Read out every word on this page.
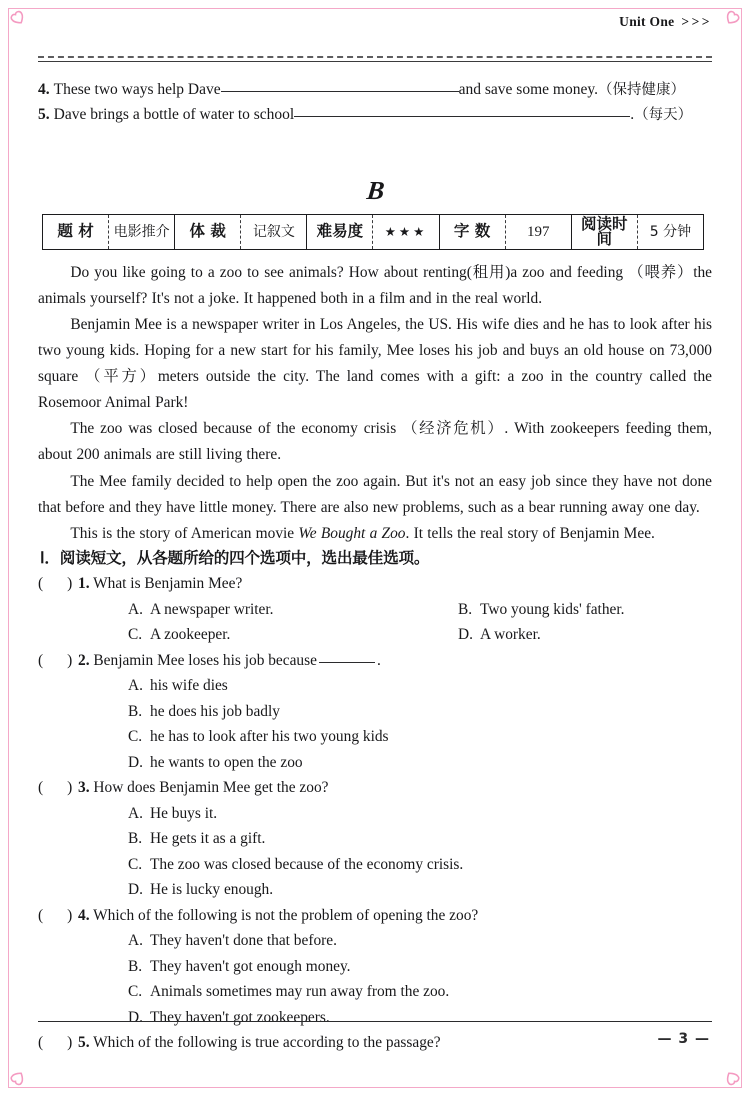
Unit One >>>
4. These two ways help Dave	and save some money.（保持健康）
5. Dave brings a bottle of water to school	.（每天）
B
题 材	电影推介	体 裁	记叙文	难易度	★★★	字 数	197	阅读时间	5 分钟

Do you like going to a zoo to see animals? How about renting(租用)a zoo and feeding （喂养）the animals yourself? It's not a joke. It happened both in a film and in the real world.

Benjamin Mee is a newspaper writer in Los Angeles, the US. His wife dies and he has to look after his two young kids. Hoping for a new start for his family, Mee loses his job and buys an old house on 73,000 square （平方）meters outside the city. The land comes with a gift: a zoo in the country called the Rosemoor Animal Park!

The zoo was closed because of the economy crisis （经济危机）. With zookeepers feeding them, about 200 animals are still living there.

The Mee family decided to help open the zoo again. But it's not an easy job since they have not done that before and they have little money. There are also new problems, such as a bear running away one day.

This is the story of American movie We Bought a Zoo. It tells the real story of Benjamin Mee.

Ⅰ．阅读短文，从各题所给的四个选项中，选出最佳选项。
( ) 1. What is Benjamin Mee?
A. A newspaper writer.	B. Two young kids' father.
C. A zookeeper.	D. A worker.
( ) 2. Benjamin Mee loses his job because	.
A. his wife dies
B. he does his job badly
C. he has to look after his two young kids
D. he wants to open the zoo
( ) 3. How does Benjamin Mee get the zoo?
A. He buys it.
B. He gets it as a gift.
C. The zoo was closed because of the economy crisis.
D. He is lucky enough.
( ) 4. Which of the following is not the problem of opening the zoo?
A. They haven't done that before.
B. They haven't got enough money.
C. Animals sometimes may run away from the zoo.
D. They haven't got zookeepers.
( ) 5. Which of the following is true according to the passage?	— 3 —
